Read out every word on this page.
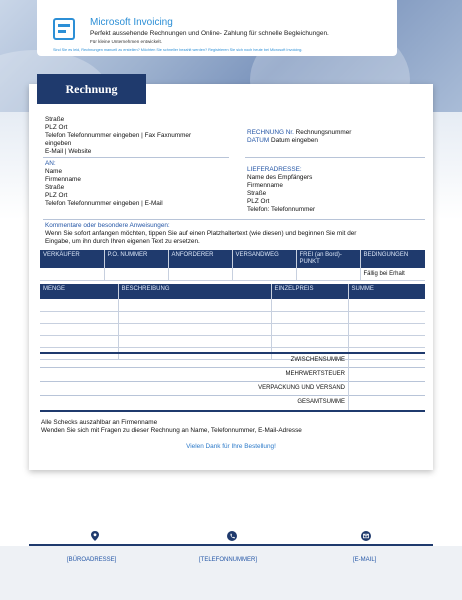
Microsoft Invoicing
Perfekt aussehende Rechnungen und Online- Zahlung für schnelle Begleichungen.
Für kleine Unternehmen entwickelt.
Sind Sie es leid, Rechnungen manuell zu erstellen? Möchten Sie schneller bezahlt werden? Registrieren Sie sich noch heute bei Microsoft Invoicing.
Rechnung
Straße
PLZ Ort
Telefon Telefonnummer eingeben | Fax Faxnummer
eingeben
E-Mail | Website
RECHNUNG Nr. Rechnungsnummer
DATUM Datum eingeben
AN:
Name
Firmenname
Straße
PLZ Ort
Telefon Telefonnummer eingeben | E-Mail
LIEFERADRESSE:
Name des Empfängers
Firmenname
Straße
PLZ Ort
Telefon: Telefonnummer
Kommentare oder besondere Anweisungen:
Wenn Sie sofort anfangen möchten, tippen Sie auf einen Platzhaltertext (wie diesen) und beginnen Sie mit der
Eingabe, um ihn durch Ihren eigenen Text zu ersetzen.
VERKÄUFER	P.O. NUMMER	ANFORDERER	VERSANDWEG	FREI (an Bord)-PUNKT	BEDINGUNGEN
					Fällig bei Erhalt
MENGE	BESCHREIBUNG	EINZELPREIS	SUMME

ZWISCHENSUMME
MEHRWERTSTEUER
VERPACKUNG UND VERSAND
GESAMTSUMME
Alle Schecks auszahlbar an Firmenname
Wenden Sie sich mit Fragen zu dieser Rechnung an Name, Telefonnummer, E-Mail-Adresse
Vielen Dank für Ihre Bestellung!
[BÜROADRESSE]	[TELEFONNUMMER]	[E-MAIL]
